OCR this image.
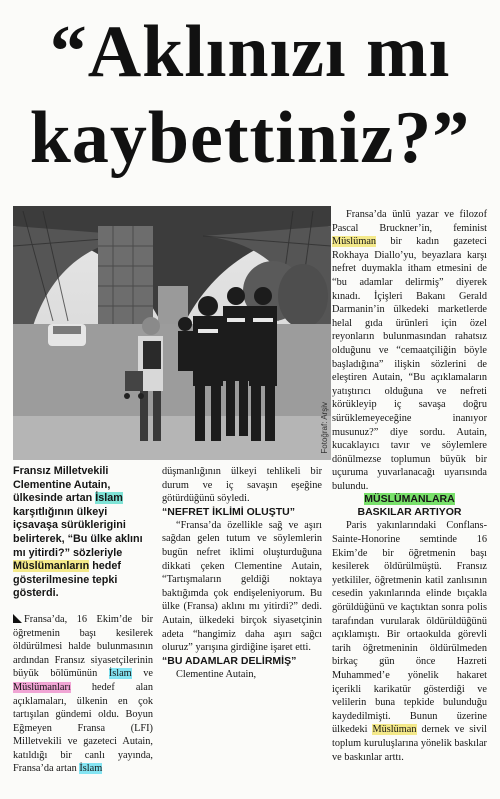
“Aklınızı mı
kaybettiniz?”
Fotoğraf: Arşiv

Fransız Milletvekili Clementine Autain, ülkesinde artan İslam karşıtlığının ülkeyi içsavaşa sürüklerigini belirterek, “Bu ülke aklını mı yitirdi?” sözleriyle Müslümanların hedef gösterilmesine tepki gösterdi.

Fransa’da, 16 Ekim’de bir öğretmenin başı kesilerek öldürülmesi halde bulunmasının ardından Fransız siyasetçilerinin büyük bölümünün İslam ve Müslümanları hedef alan açıklamaları, ülkenin en çok tartışılan gündemi oldu. Boyun Eğmeyen Fransa (LFI) Milletvekili ve gazeteci Autain, katıldığı bir canlı yayında, Fransa’da artan İslam

düşmanlığının ülkeyi tehlikeli bir durum ve iç savaşın eşeğine götürdüğünü söyledi.

“NEFRET İKLİMİ OLUŞTU”

“Fransa’da özellikle sağ ve aşırı sağdan gelen tutum ve söylemlerin bugün nefret iklimi oluşturduğuna dikkati çeken Clementine Autain, “Tartışmaların geldiği noktaya baktığımda çok endişeleniyorum. Bu ülke (Fransa) aklını mı yitirdi?” dedi. Autain, ülkedeki birçok siyasetçinin adeta “hangimiz daha aşırı sağcı oluruz” yarışına girdiğine işaret etti.

“BU ADAMLAR DELİRMİŞ”

Clementine Autain,

Fransa’da ünlü yazar ve filozof Pascal Bruckner’in, feminist Müslüman bir kadın gazeteci Rokhaya Diallo’yu, beyazlara karşı nefret duymakla itham etmesini de “bu adamlar delirmiş” diyerek kınadı. İçişleri Bakanı Gerald Darmanin’in ülkedeki marketlerde helal gıda ürünleri için özel reyonların bulunmasından rahatsız olduğunu ve “cemaatçiliğin böyle başladığına” ilişkin sözlerini de eleştiren Autain, “Bu açıklamaların yatıştırıcı olduğuna ve nefreti körükleyip iç savaşa doğru sürüklemeyeceğine inanıyor musunuz?” diye sordu. Autain, kucaklayıcı tavır ve söylemlere dönülmezse toplumun büyük bir uçuruma yuvarlanacağı uyarısında bulundu.

MÜSLÜMANLARA
BASKILAR ARTIYOR

Paris yakınlarındaki Conflans-Sainte-Honorine semtinde 16 Ekim’de bir öğretmenin başı kesilerek öldürülmüştü. Fransız yetkililer, öğretmenin katil zanlısının cesedin yakınlarında elinde bıçakla görüldüğünü ve kaçtıktan sonra polis tarafından vurularak öldürüldüğünü açıklamıştı. Bir ortaokulda görevli tarih öğretmeninin öldürülmeden birkaç gün önce Hazreti Muhammed’e yönelik hakaret içerikli karikatür gösterdiği ve velilerin buna tepkide bulunduğu kaydedilmişti. Bunun üzerine ülkedeki Müslüman dernek ve sivil toplum kuruluşlarına yönelik baskılar ve baskınlar arttı.
